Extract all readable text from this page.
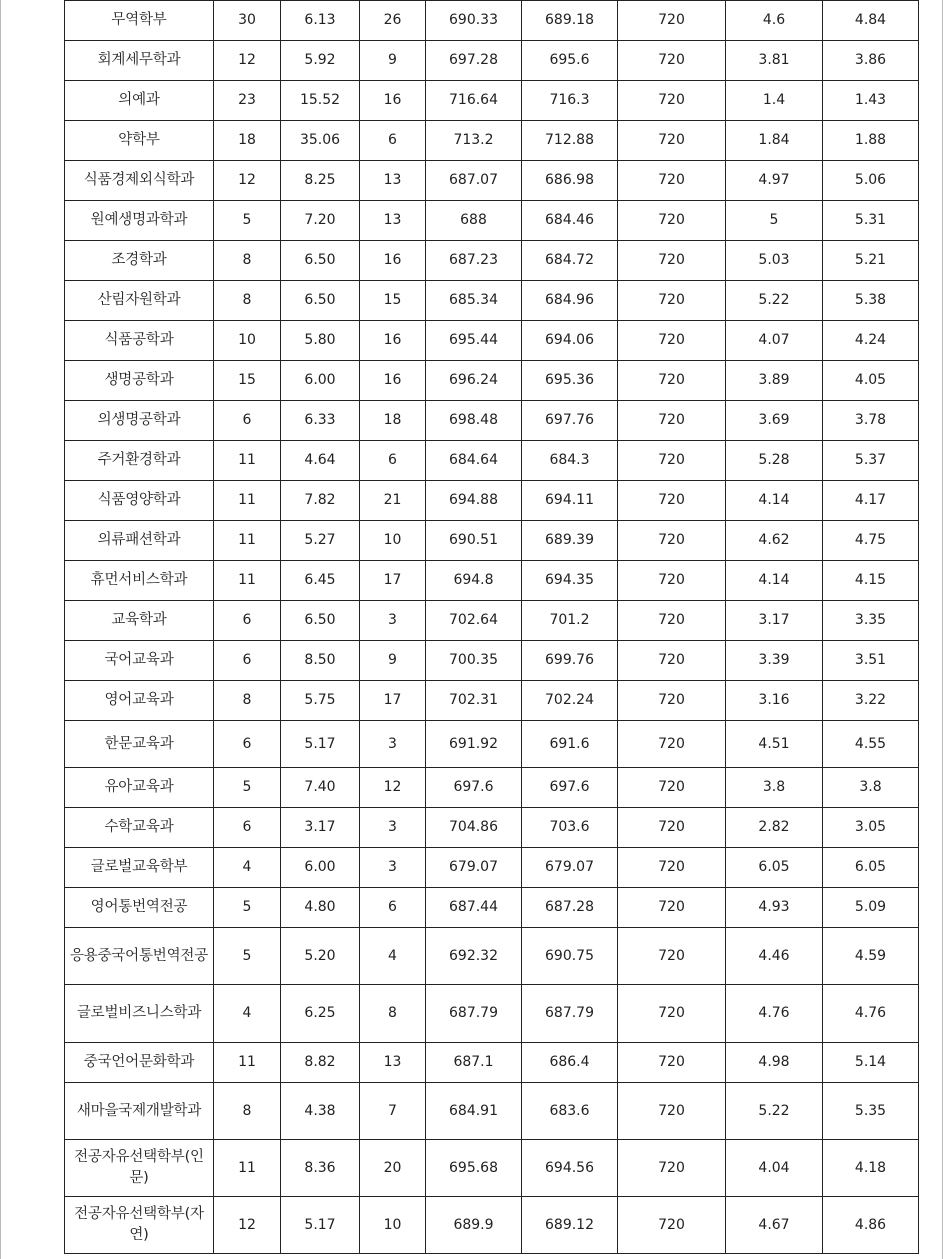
무역학부	30	6.13	26	690.33	689.18	720	4.6	4.84
회계세무학과	12	5.92	9	697.28	695.6	720	3.81	3.86
의예과	23	15.52	16	716.64	716.3	720	1.4	1.43
약학부	18	35.06	6	713.2	712.88	720	1.84	1.88
식품경제외식학과	12	8.25	13	687.07	686.98	720	4.97	5.06
원예생명과학과	5	7.20	13	688	684.46	720	5	5.31
조경학과	8	6.50	16	687.23	684.72	720	5.03	5.21
산림자원학과	8	6.50	15	685.34	684.96	720	5.22	5.38
식품공학과	10	5.80	16	695.44	694.06	720	4.07	4.24
생명공학과	15	6.00	16	696.24	695.36	720	3.89	4.05
의생명공학과	6	6.33	18	698.48	697.76	720	3.69	3.78
주거환경학과	11	4.64	6	684.64	684.3	720	5.28	5.37
식품영양학과	11	7.82	21	694.88	694.11	720	4.14	4.17
의류패션학과	11	5.27	10	690.51	689.39	720	4.62	4.75
휴먼서비스학과	11	6.45	17	694.8	694.35	720	4.14	4.15
교육학과	6	6.50	3	702.64	701.2	720	3.17	3.35
국어교육과	6	8.50	9	700.35	699.76	720	3.39	3.51
영어교육과	8	5.75	17	702.31	702.24	720	3.16	3.22
한문교육과	6	5.17	3	691.92	691.6	720	4.51	4.55
유아교육과	5	7.40	12	697.6	697.6	720	3.8	3.8
수학교육과	6	3.17	3	704.86	703.6	720	2.82	3.05
글로벌교육학부	4	6.00	3	679.07	679.07	720	6.05	6.05
영어통번역전공	5	4.80	6	687.44	687.28	720	4.93	5.09
응용중국어통번역전공	5	5.20	4	692.32	690.75	720	4.46	4.59
글로벌비즈니스학과	4	6.25	8	687.79	687.79	720	4.76	4.76
중국언어문화학과	11	8.82	13	687.1	686.4	720	4.98	5.14
새마을국제개발학과	8	4.38	7	684.91	683.6	720	5.22	5.35
전공자유선택학부(인문)	11	8.36	20	695.68	694.56	720	4.04	4.18
전공자유선택학부(자연)	12	5.17	10	689.9	689.12	720	4.67	4.86
